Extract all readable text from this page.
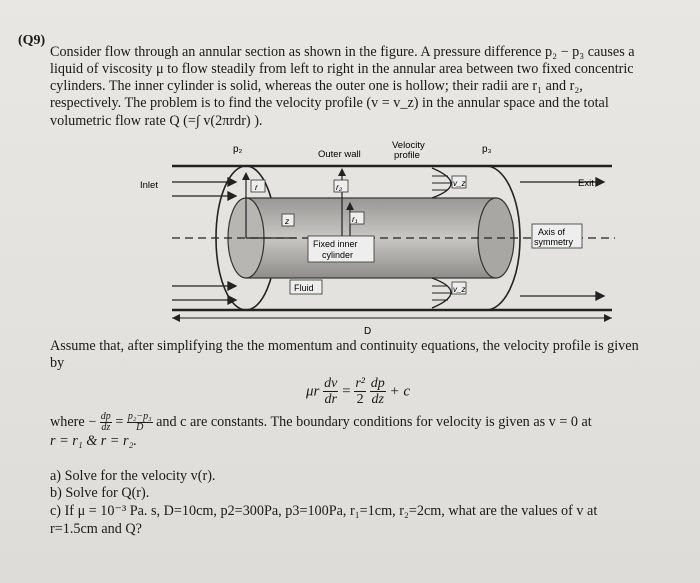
(Q9)
Consider flow through an annular section as shown in the figure. A pressure difference p₂ − p₃ causes a
liquid of viscosity μ to flow steadily from left to right in the annular area between two fixed concentric
cylinders. The inner cylinder is solid, whereas the outer one is hollow; their radii are r₁ and r₂,
respectively. The problem is to find the velocity profile (v = v_z) in the annular space and the total
volumetric flow rate Q (=∫ v(2πrdr) ).
p₂	Outer wall
Velocity
profile
p₃
Inlet	Exit
Axis of
symmetry
Fixed inner
cylinder
Fluid
D
r	r₂
r₁
z
v_z
v_z
Assume that, after simplifying the the momentum and continuity equations, the velocity profile is given
by
μr $\frac{dv}{dr} = \frac{\text{r²}}{2}$
$\frac{dp}{dz} + c$
where − $\frac{dp}{dz} = \frac{\text{p₂−p₃}}{D}$ and c are constants. The boundary conditions for velocity is given as v = 0 at
r = r₁ & r = r₂.
a) Solve for the velocity v(r).
b) Solve for Q(r).
c) If μ = 10⁻³ Pa. s, D=10cm, p2=300Pa, p3=100Pa, r₁=1cm, r₂=2cm, what are the values of v at
r=1.5cm and Q?
